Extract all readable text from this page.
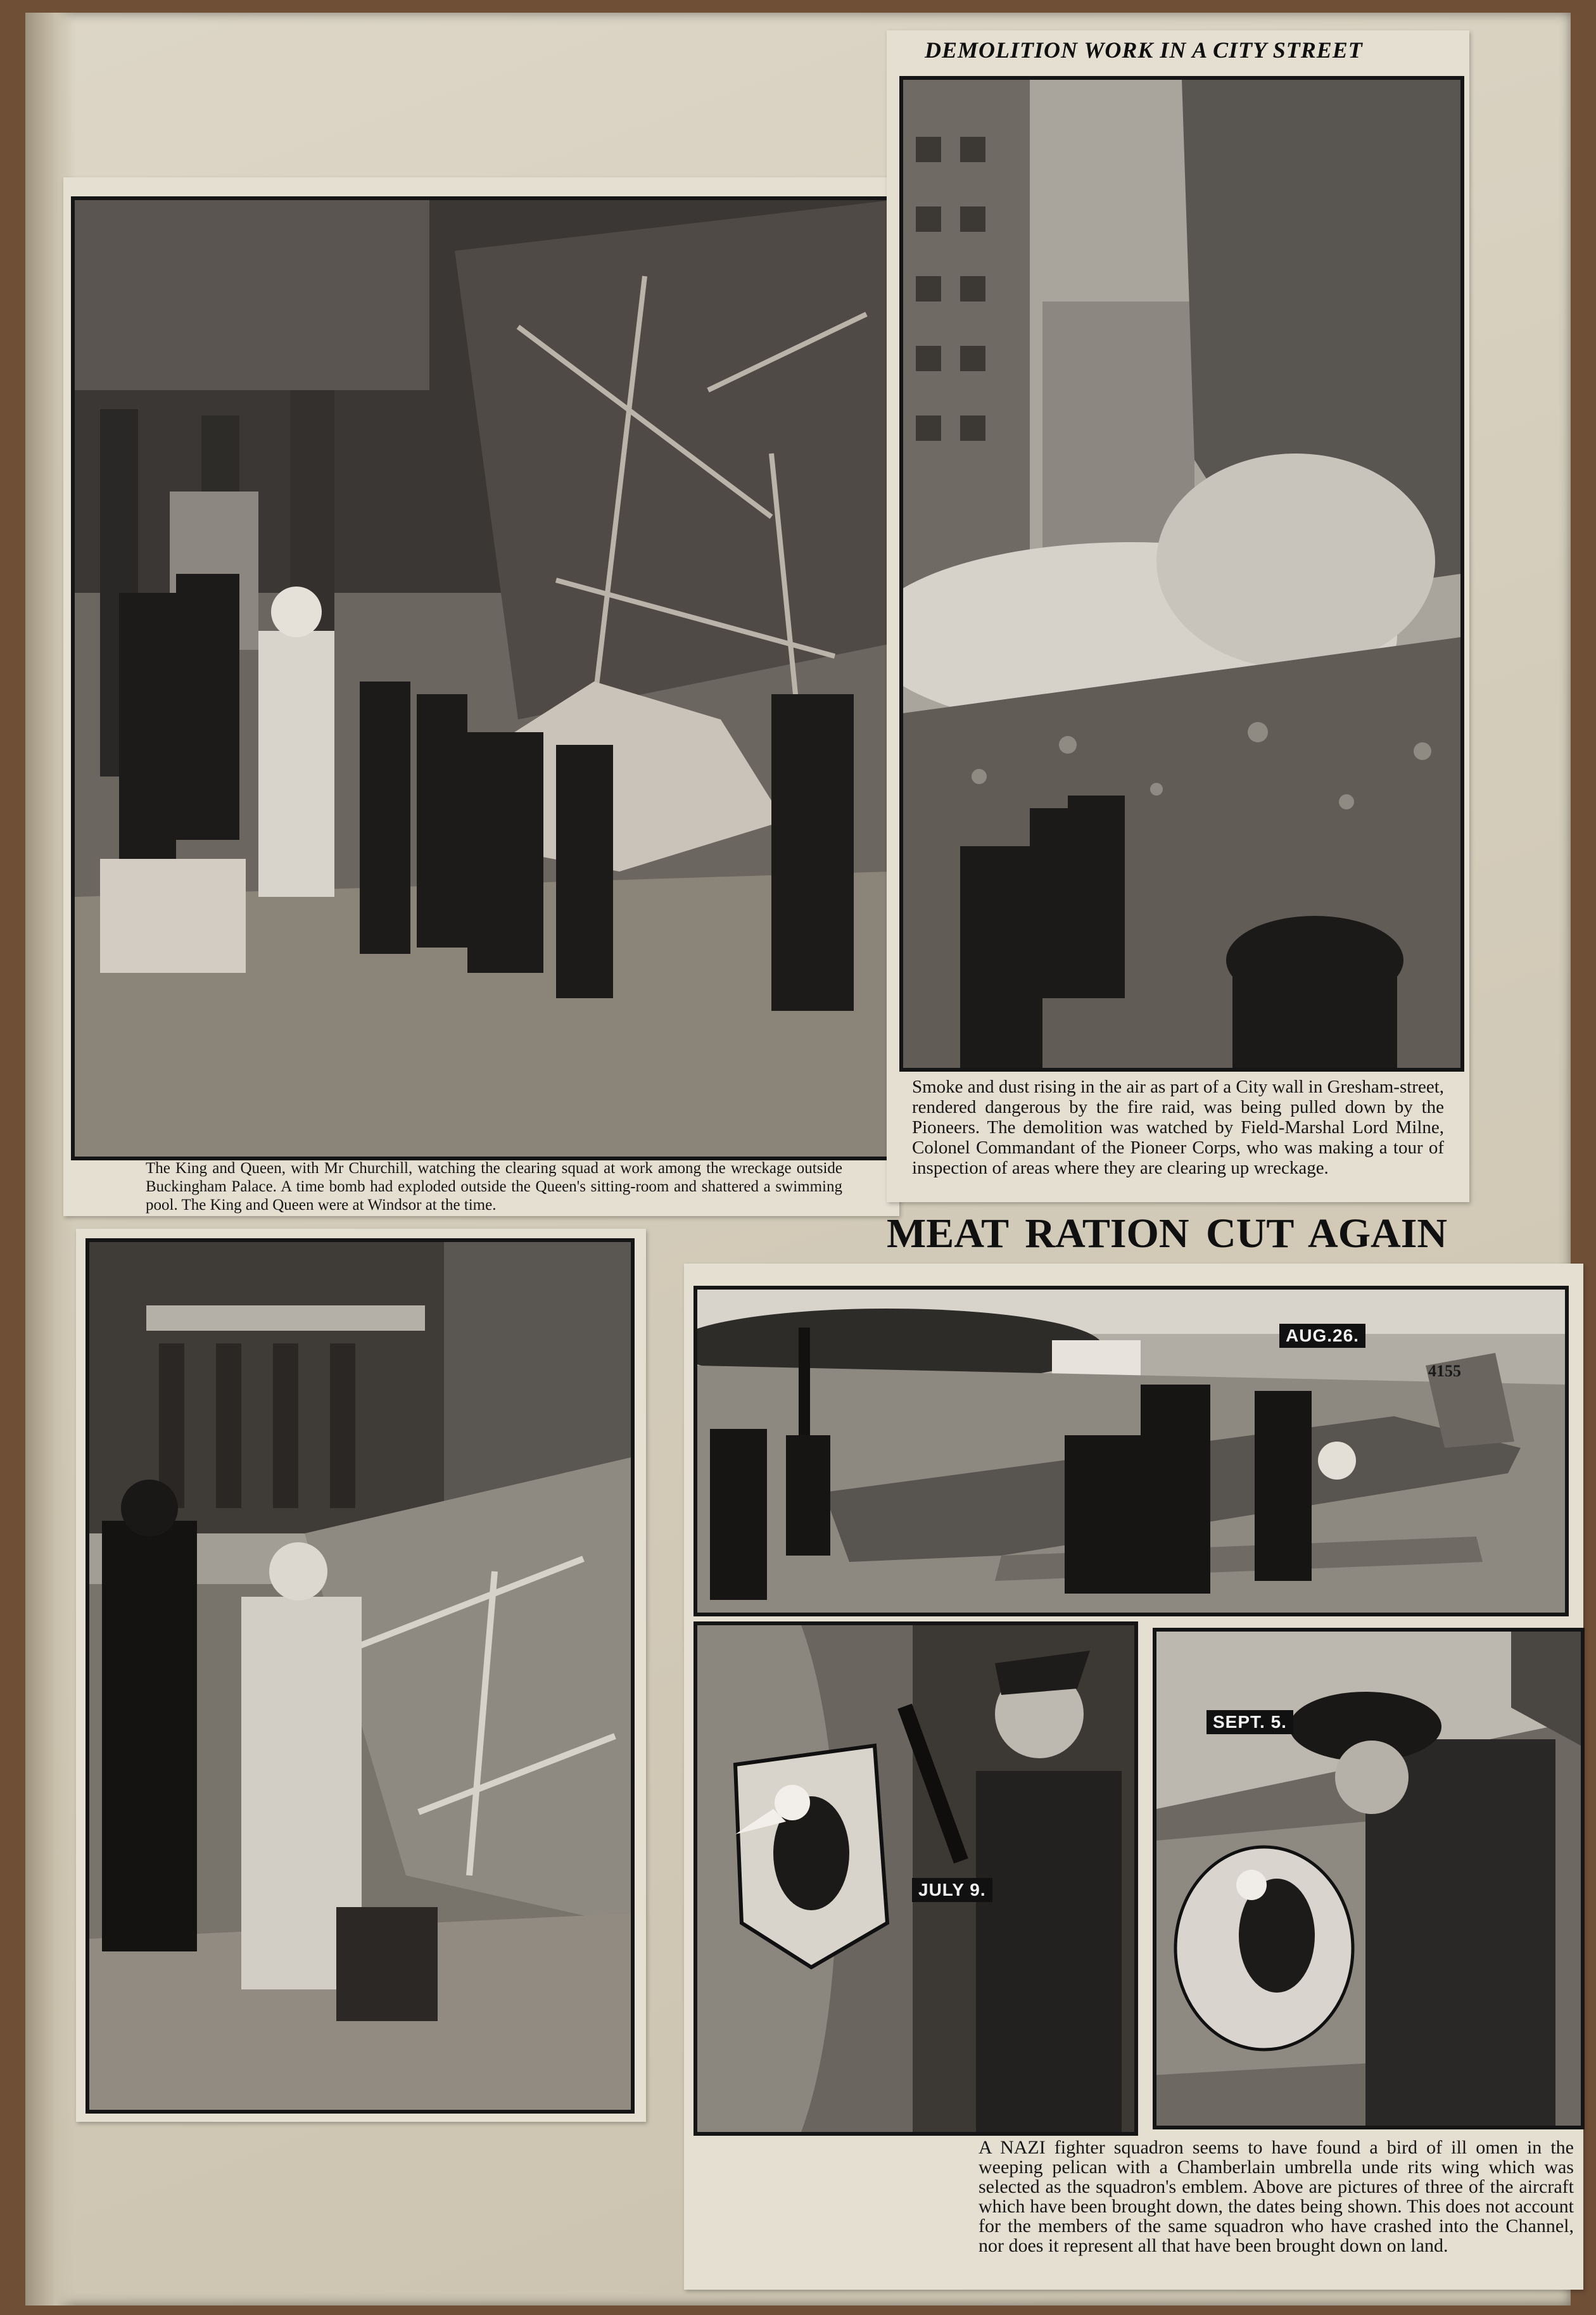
The King and Queen, with Mr Churchill, watching the clearing squad at work among the wreckage outside Buckingham Palace. A time bomb had exploded outside the Queen's sitting-room and shattered a swimming pool. The King and Queen were at Windsor at the time.
DEMOLITION WORK IN A CITY STREET
Smoke and dust rising in the air as part of a City wall in Gresham-street, rendered dangerous by the fire raid, was being pulled down by the Pioneers. The demolition was watched by Field-Marshal Lord Milne, Colonel Commandant of the Pioneer Corps, who was making a tour of inspection of areas where they are clearing up wreckage.
MEAT RATION CUT AGAIN
AUG.26.
4155
JULY 9.
SEPT. 5.
A NAZI fighter squadron seems to have found a bird of ill omen in the weeping pelican with a Chamberlain umbrella unde rits wing which was selected as the squadron's emblem. Above are pictures of three of the aircraft which have been brought down, the dates being shown. This does not account for the members of the same squadron who have crashed into the Channel, nor does it represent all that have been brought down on land.
